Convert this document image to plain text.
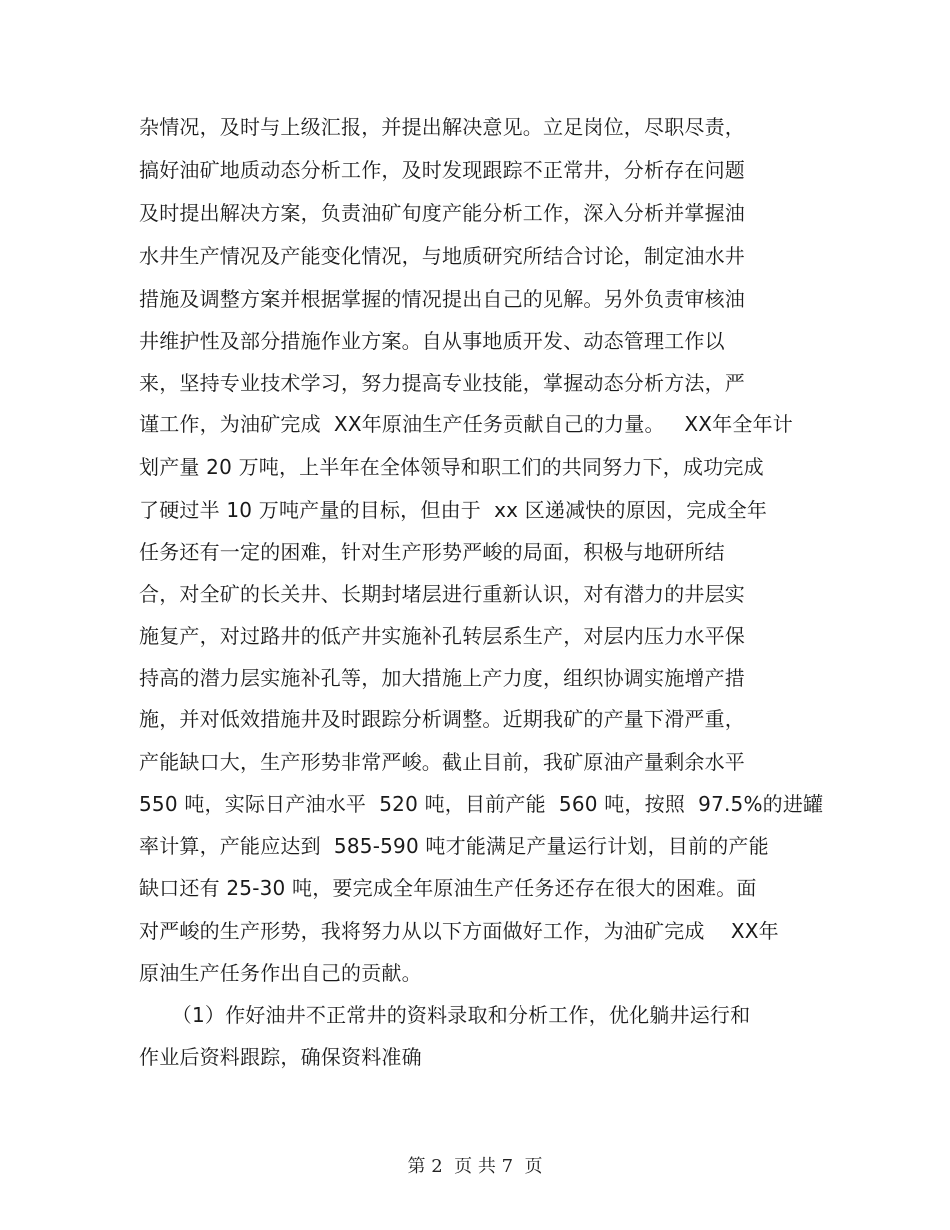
杂情况，及时与上级汇报，并提出解决意见。立足岗位，尽职尽责，
搞好油矿地质动态分析工作，及时发现跟踪不正常井，分析存在问题
及时提出解决方案，负责油矿旬度产能分析工作，深入分析并掌握油
水井生产情况及产能变化情况，与地质研究所结合讨论，制定油水井
措施及调整方案并根据掌握的情况提出自己的见解。另外负责审核油
井维护性及部分措施作业方案。自从事地质开发、动态管理工作以
来，坚持专业技术学习，努力提高专业技能，掌握动态分析方法，严
谨工作，为油矿完成  XX年原油生产任务贡献自己的力量。   XX年全年计
划产量 20 万吨，上半年在全体领导和职工们的共同努力下，成功完成
了硬过半 10 万吨产量的目标，但由于  xx 区递减快的原因，完成全年
任务还有一定的困难，针对生产形势严峻的局面，积极与地研所结
合，对全矿的长关井、长期封堵层进行重新认识，对有潜力的井层实
施复产，对过路井的低产井实施补孔转层系生产，对层内压力水平保
持高的潜力层实施补孔等，加大措施上产力度，组织协调实施增产措
施，并对低效措施井及时跟踪分析调整。近期我矿的产量下滑严重，
产能缺口大，生产形势非常严峻。截止目前，我矿原油产量剩余水平
550 吨，实际日产油水平  520 吨，目前产能  560 吨，按照  97.5%的进罐
率计算，产能应达到  585-590 吨才能满足产量运行计划，目前的产能
缺口还有 25-30 吨，要完成全年原油生产任务还存在很大的困难。面
对严峻的生产形势，我将努力从以下方面做好工作，为油矿完成    XX年
原油生产任务作出自己的贡献。
（1）作好油井不正常井的资料录取和分析工作，优化躺井运行和
作业后资料跟踪，确保资料准确
第 2  页 共 7  页
